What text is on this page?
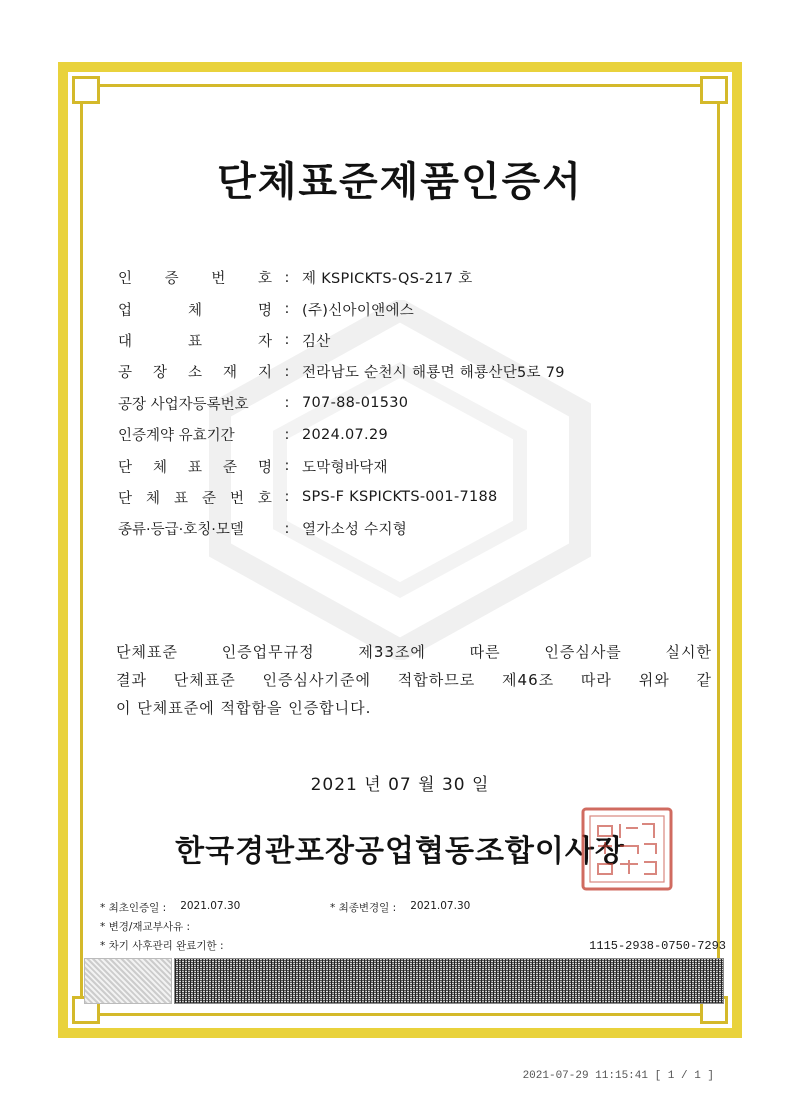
단체표준제품인증서
인 증 번 호 : 제 KSPICKTS-QS-217 호
업	체	명 : (주)신아이앤에스
대	표	자 : 김산
공 장 소 재 지 : 전라남도 순천시 해룡면 해룡산단5로 79
공장 사업자등록번호	: 707-88-01530
인증계약 유효기간	: 2024.07.29
단 체 표 준 명 : 도막형바닥재
단 체 표 준 번 호 : SPS-F KSPICKTS-001-7188
종류·등급·호칭·모델	: 열가소성 수지형
단체표준 인증업무규정 제33조에 따른 인증심사를 실시한
결과 단체표준 인증심사기준에 적합하므로 제46조 따라 위와 같
이 단체표준에 적합함을 인증합니다.
2021 년 07 월 30 일
한국경관포장공업협동조합이사장
* 최초인증일 : 2021.07.30	* 최종변경일 : 2021.07.30
* 변경/재교부사유 :
* 차기 사후관리 완료기한 :	1115-2938-0750-7293
2021-07-29 11:15:41 [ 1 / 1 ]
